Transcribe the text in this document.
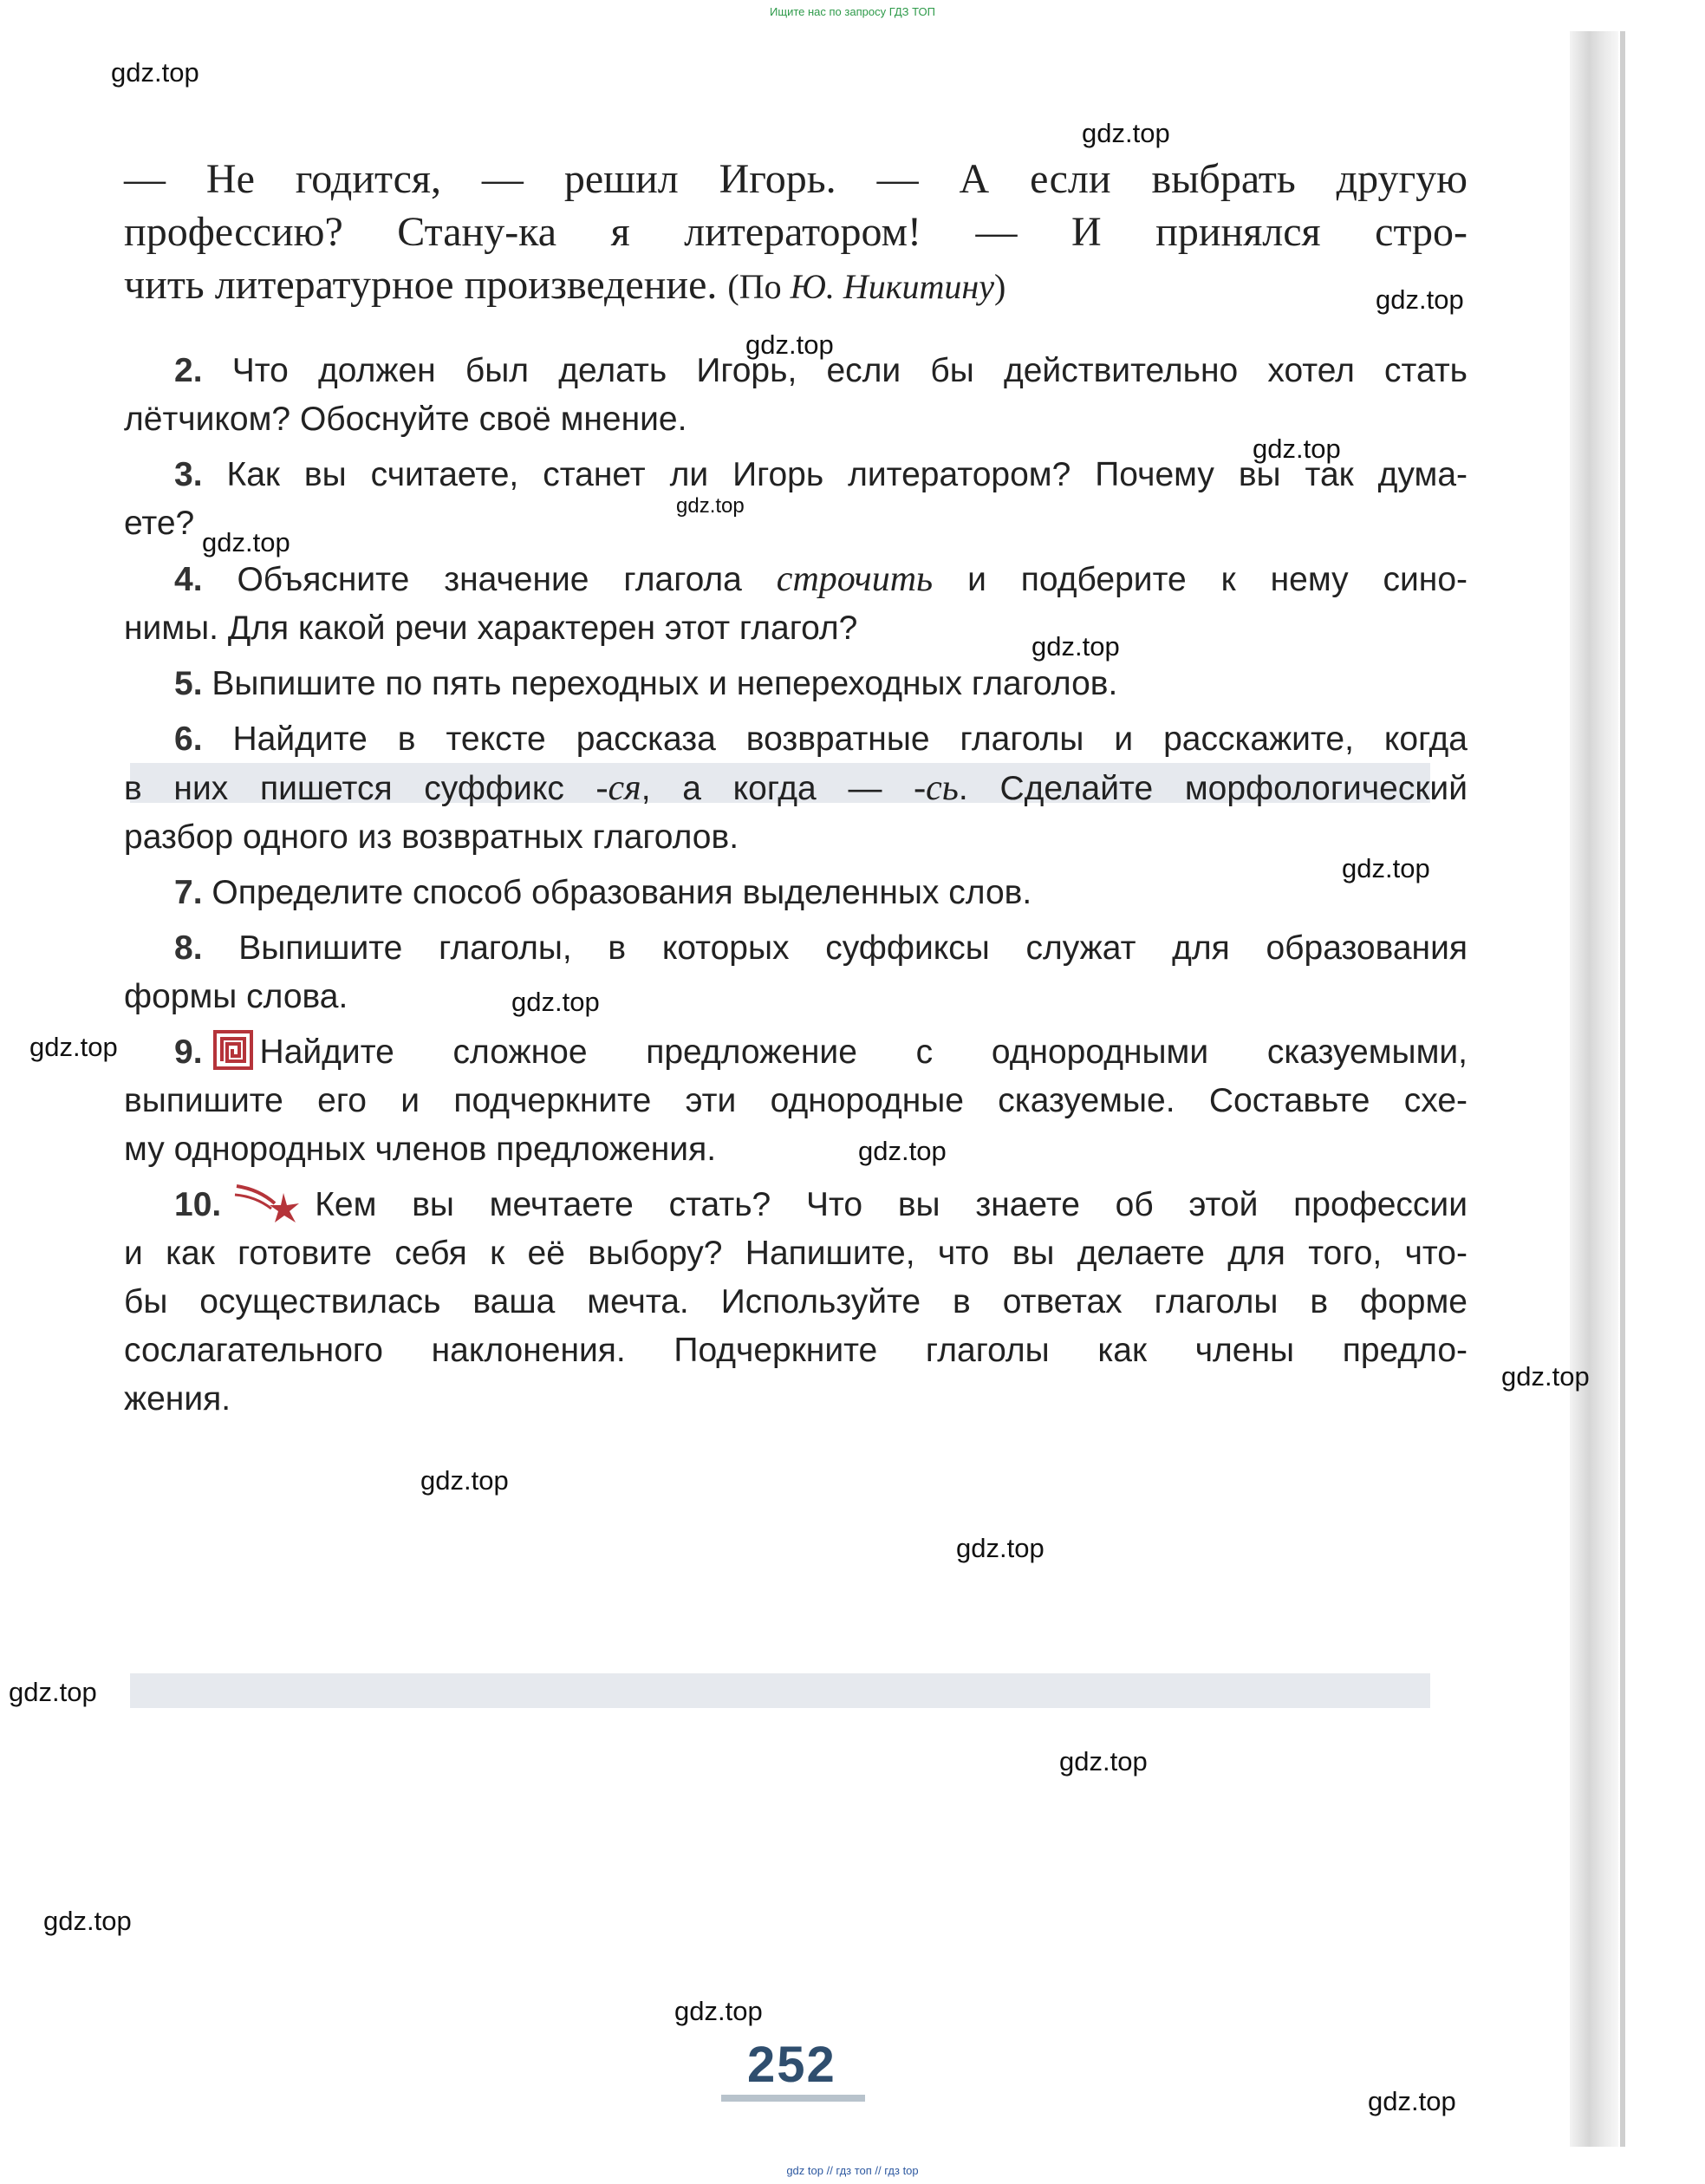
Ищите нас по запросу ГДЗ ТОП
gdz.top
gdz.top
gdz.top
gdz.top
gdz.top
gdz.top
gdz.top
gdz.top
gdz.top
gdz.top
gdz.top
gdz.top
gdz.top
gdz.top
gdz.top
gdz.top
gdz.top
gdz.top
gdz.top
gdz.top
— Не годится, — решил Игорь. — А если выбрать другую
профессию? Стану-ка я литератором! — И принялся стро-
чить литературное произведение. (По Ю. Никитину)
2. Что должен был делать Игорь, если бы действительно хотел стать
лётчиком? Обоснуйте своё мнение.
3. Как вы считаете, станет ли Игорь литератором? Почему вы так дума-
ете?
4. Объясните значение глагола строчить и подберите к нему сино-
нимы. Для какой речи характерен этот глагол?
5. Выпишите по пять переходных и непереходных глаголов.
6. Найдите в тексте рассказа возвратные глаголы и расскажите, когда
в них пишется суффикс -ся, а когда — -сь. Сделайте морфологический
разбор одного из возвратных глаголов.
7. Определите способ образования выделенных слов.
8. Выпишите глаголы, в которых суффиксы служат для образования
формы слова.
9. Найдите сложное предложение с однородными сказуемыми,
выпишите его и подчеркните эти однородные сказуемые. Составьте схе-
му однородных членов предложения.
10.	Кем вы мечтаете стать? Что вы знаете об этой профессии
и как готовите себя к её выбору? Напишите, что вы делаете для того, что-
бы осуществилась ваша мечта. Используйте в ответах глаголы в форме
сослагательного наклонения. Подчеркните глаголы как члены предло-
жения.
252
gdz top // гдз топ // гдз top
